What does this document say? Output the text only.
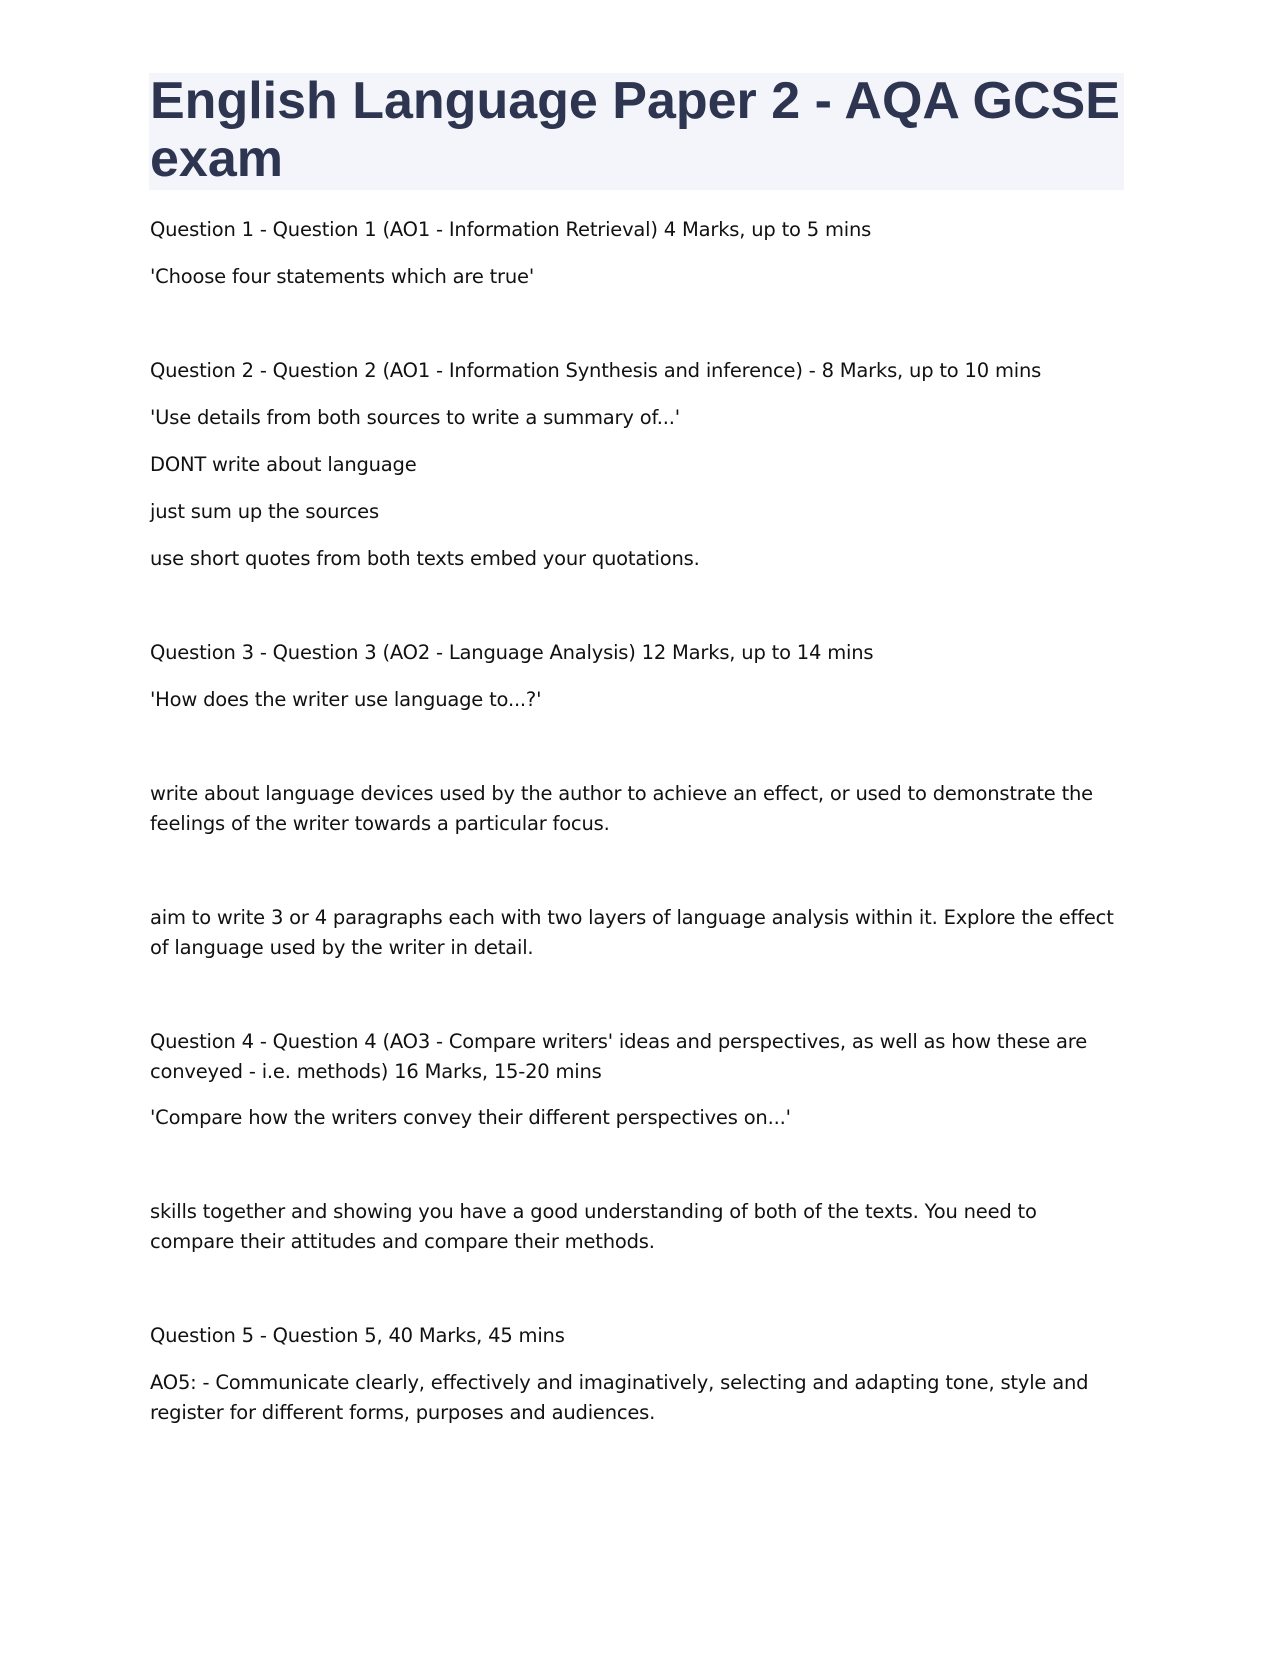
English Language Paper 2 - AQA GCSE exam

Question 1 - Question 1 (AO1 - Information Retrieval) 4 Marks, up to 5 mins

'Choose four statements which are true'

Question 2 - Question 2 (AO1 - Information Synthesis and inference) - 8 Marks, up to 10 mins

'Use details from both sources to write a summary of...'

DONT write about language

just sum up the sources

use short quotes from both texts embed your quotations.

Question 3 - Question 3 (AO2 - Language Analysis) 12 Marks, up to 14 mins

'How does the writer use language to...?'

write about language devices used by the author to achieve an effect, or used to demonstrate the feelings of the writer towards a particular focus.

aim to write 3 or 4 paragraphs each with two layers of language analysis within it. Explore the effect of language used by the writer in detail.

Question 4 - Question 4 (AO3 - Compare writers' ideas and perspectives, as well as how these are conveyed - i.e. methods) 16 Marks, 15-20 mins

'Compare how the writers convey their different perspectives on...'

skills together and showing you have a good understanding of both of the texts. You need to compare their attitudes and compare their methods.

Question 5 - Question 5, 40 Marks, 45 mins

AO5: - Communicate clearly, effectively and imaginatively, selecting and adapting tone, style and register for different forms, purposes and audiences.
